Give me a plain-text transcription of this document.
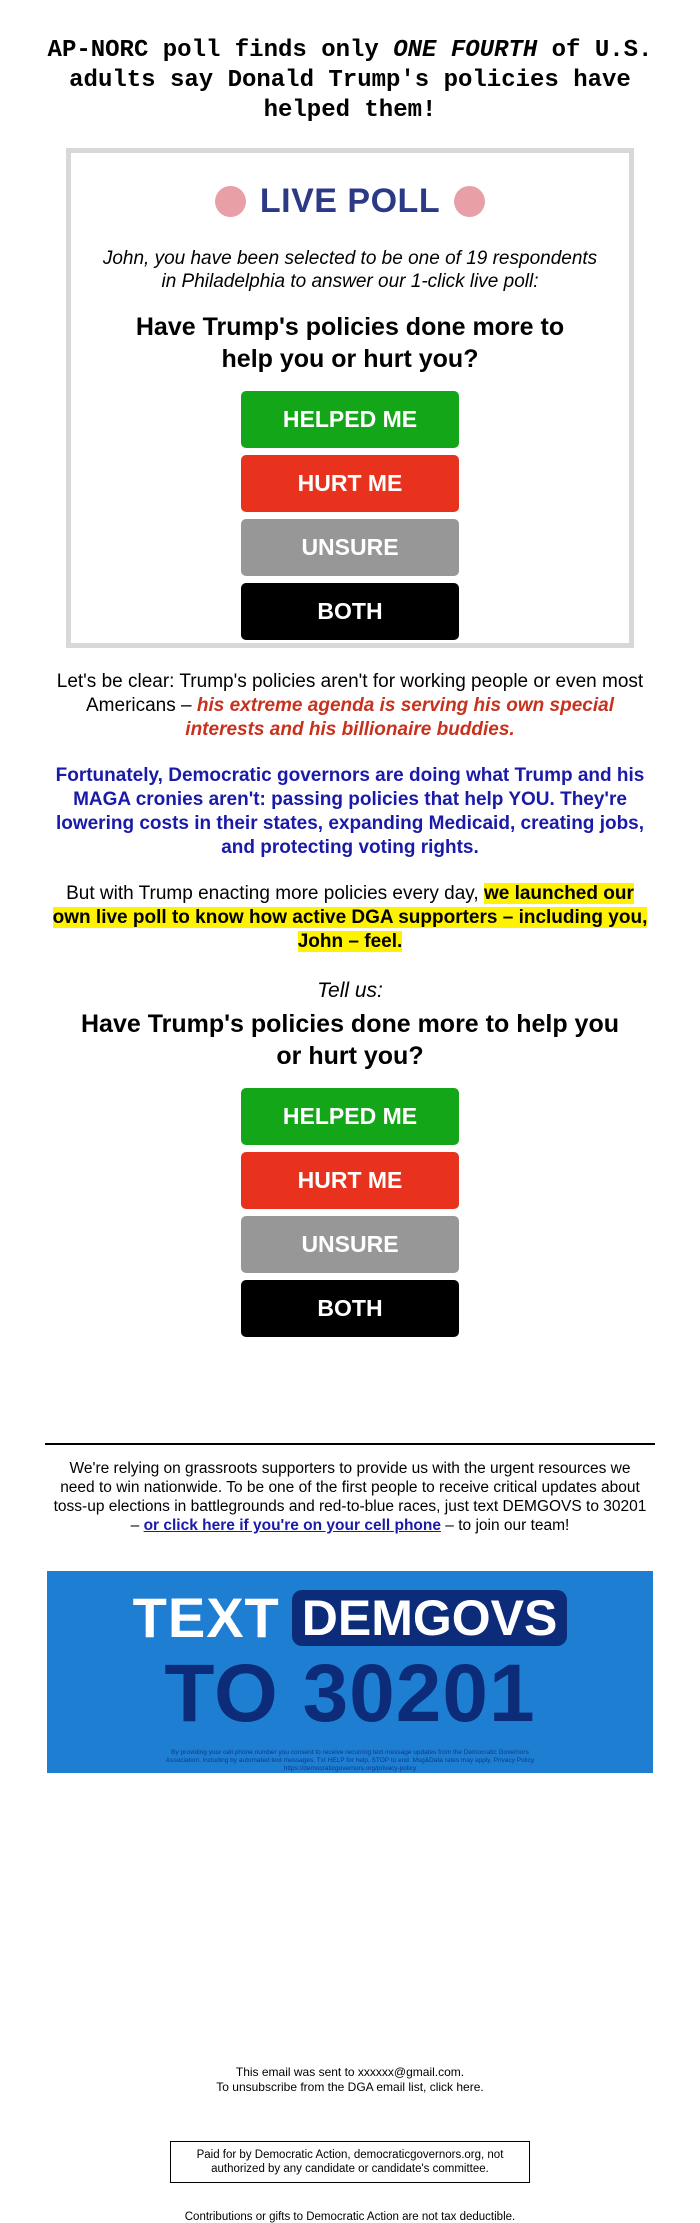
AP-NORC poll finds only ONE FOURTH of U.S. adults say Donald Trump's policies have helped them!
LIVE POLL

John, you have been selected to be one of 19 respondents in Philadelphia to answer our 1-click live poll:

Have Trump's policies done more to help you or hurt you?

HELPED ME
HURT ME
UNSURE
BOTH

Let's be clear: Trump's policies aren't for working people or even most Americans – his extreme agenda is serving his own special interests and his billionaire buddies.

Fortunately, Democratic governors are doing what Trump and his MAGA cronies aren't: passing policies that help YOU. They're lowering costs in their states, expanding Medicaid, creating jobs, and protecting voting rights.

But with Trump enacting more policies every day, we launched our own live poll to know how active DGA supporters – including you, John – feel.

Tell us:

Have Trump's policies done more to help you or hurt you?

HELPED ME
HURT ME
UNSURE
BOTH

We're relying on grassroots supporters to provide us with the urgent resources we need to win nationwide. To be one of the first people to receive critical updates about toss-up elections in battlegrounds and red-to-blue races, just text DEMGOVS to 30201 – or click here if you're on your cell phone – to join our team!

TEXT DEMGOVS
TO 30201
By providing your cell phone number you consent to receive recurring text message updates from the Democratic Governors Association, including by automated text messages. Txt HELP for help, STOP to end. Msg&Data rates may apply. Privacy Policy https://democraticgovernors.org/privacy-policy

This email was sent to xxxxxx@gmail.com.
To unsubscribe from the DGA email list, click here.

Paid for by Democratic Action, democraticgovernors.org, not authorized by any candidate or candidate's committee.

Contributions or gifts to Democratic Action are not tax deductible.
